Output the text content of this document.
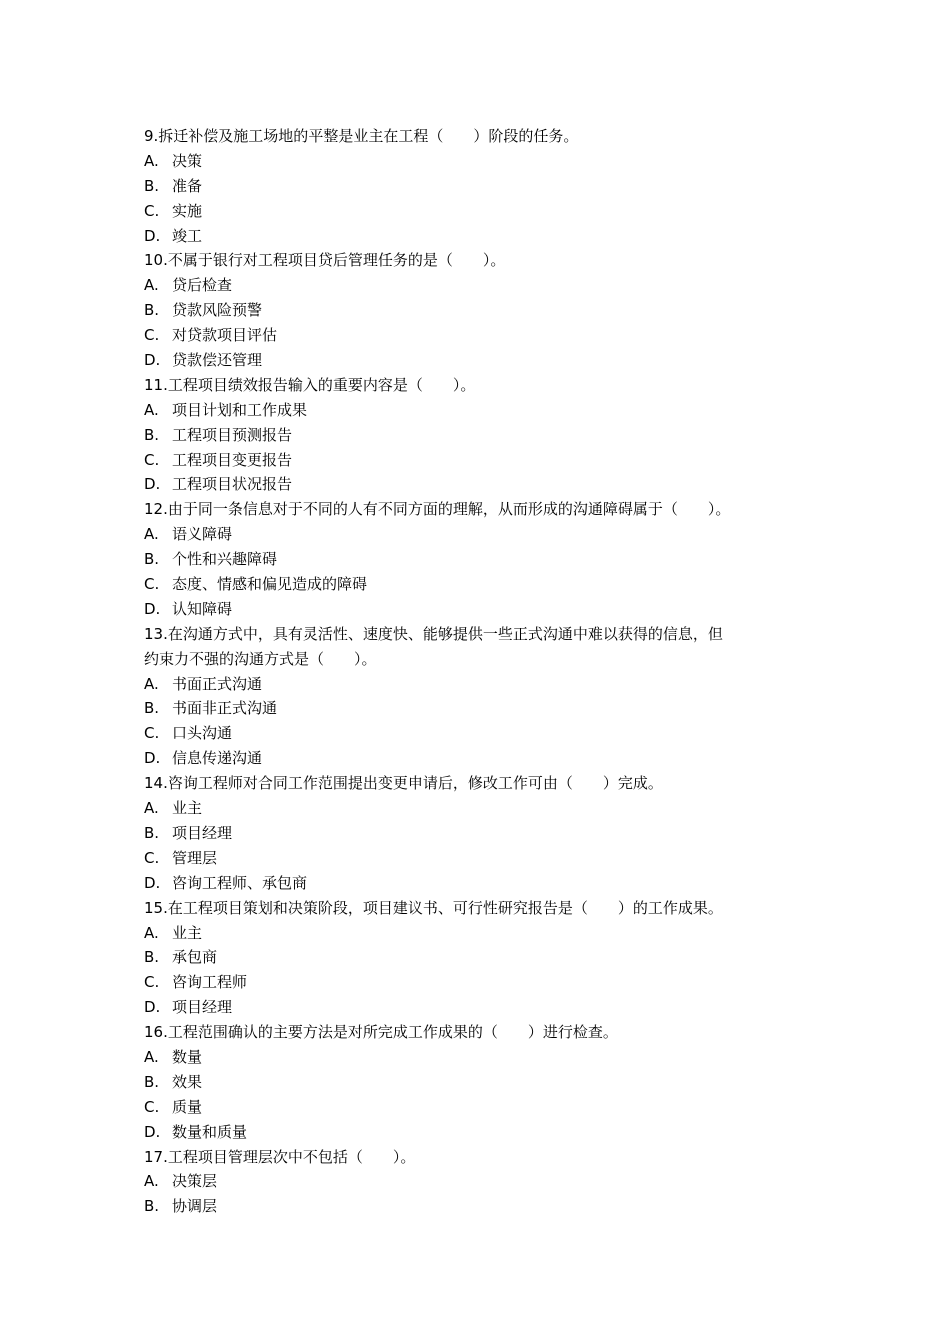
9.拆迁补偿及施工场地的平整是业主在工程（　　）阶段的任务。
A. 决策
B. 准备
C. 实施
D. 竣工
10.不属于银行对工程项目贷后管理任务的是（　　）。
A. 贷后检查
B. 贷款风险预警
C. 对贷款项目评估
D. 贷款偿还管理
11.工程项目绩效报告输入的重要内容是（　　）。
A. 项目计划和工作成果
B. 工程项目预测报告
C. 工程项目变更报告
D. 工程项目状况报告
12.由于同一条信息对于不同的人有不同方面的理解，从而形成的沟通障碍属于（　　）。
A. 语义障碍
B. 个性和兴趣障碍
C. 态度、情感和偏见造成的障碍
D. 认知障碍
13.在沟通方式中，具有灵活性、速度快、能够提供一些正式沟通中难以获得的信息，但
约束力不强的沟通方式是（　　）。
A. 书面正式沟通
B. 书面非正式沟通
C. 口头沟通
D. 信息传递沟通
14.咨询工程师对合同工作范围提出变更申请后，修改工作可由（　　）完成。
A. 业主
B. 项目经理
C. 管理层
D. 咨询工程师、承包商
15.在工程项目策划和决策阶段，项目建议书、可行性研究报告是（　　）的工作成果。
A. 业主
B. 承包商
C. 咨询工程师
D. 项目经理
16.工程范围确认的主要方法是对所完成工作成果的（　　）进行检查。
A. 数量
B. 效果
C. 质量
D. 数量和质量
17.工程项目管理层次中不包括（　　）。
A. 决策层
B. 协调层
